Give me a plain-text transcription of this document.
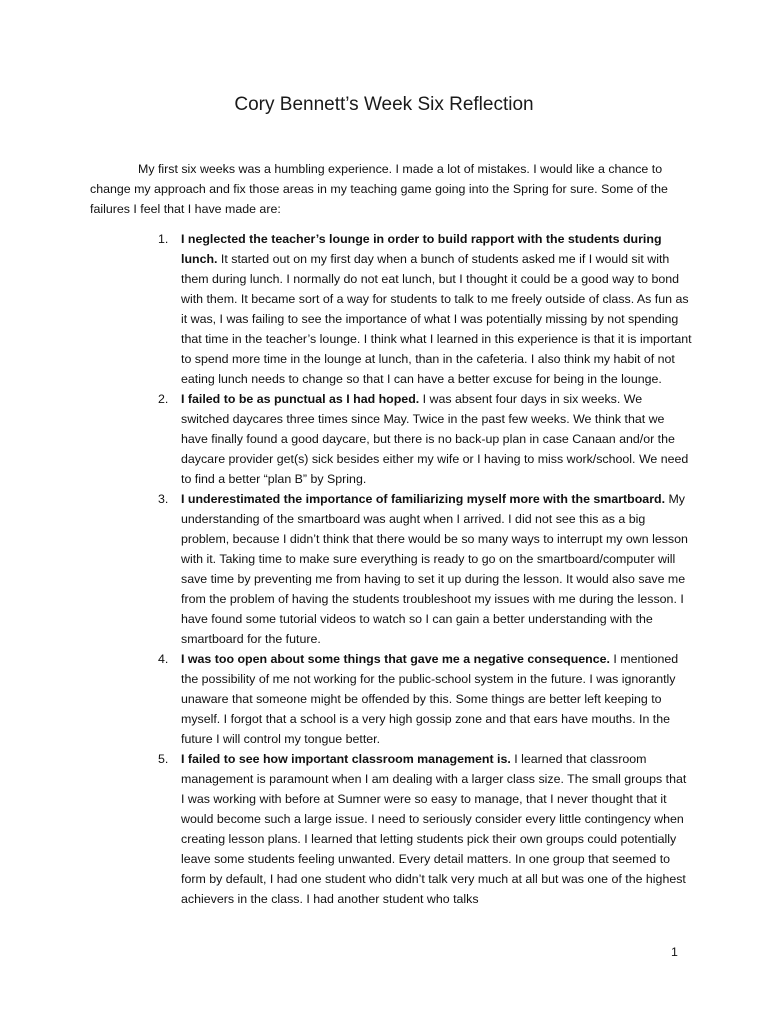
Cory Bennett’s Week Six Reflection

My first six weeks was a humbling experience. I made a lot of mistakes. I would like a chance to change my approach and fix those areas in my teaching game going into the Spring for sure. Some of the failures I feel that I have made are:

1.	I neglected the teacher’s lounge in order to build rapport with the students during lunch. It started out on my first day when a bunch of students asked me if I would sit with them during lunch. I normally do not eat lunch, but I thought it could be a good way to bond with them. It became sort of a way for students to talk to me freely outside of class. As fun as it was, I was failing to see the importance of what I was potentially missing by not spending that time in the teacher’s lounge. I think what I learned in this experience is that it is important to spend more time in the lounge at lunch, than in the cafeteria. I also think my habit of not eating lunch needs to change so that I can have a better excuse for being in the lounge.
2.	I failed to be as punctual as I had hoped. I was absent four days in six weeks. We switched daycares three times since May. Twice in the past few weeks. We think that we have finally found a good daycare, but there is no back-up plan in case Canaan and/or the daycare provider get(s) sick besides either my wife or I having to miss work/school. We need to find a better “plan B” by Spring.
3.	I underestimated the importance of familiarizing myself more with the smartboard. My understanding of the smartboard was aught when I arrived. I did not see this as a big problem, because I didn’t think that there would be so many ways to interrupt my own lesson with it. Taking time to make sure everything is ready to go on the smartboard/computer will save time by preventing me from having to set it up during the lesson. It would also save me from the problem of having the students troubleshoot my issues with me during the lesson. I have found some tutorial videos to watch so I can gain a better understanding with the smartboard for the future.
4.	I was too open about some things that gave me a negative consequence. I mentioned the possibility of me not working for the public-school system in the future. I was ignorantly unaware that someone might be offended by this. Some things are better left keeping to myself. I forgot that a school is a very high gossip zone and that ears have mouths. In the future I will control my tongue better.
5.	I failed to see how important classroom management is. I learned that classroom management is paramount when I am dealing with a larger class size. The small groups that I was working with before at Sumner were so easy to manage, that I never thought that it would become such a large issue. I need to seriously consider every little contingency when creating lesson plans. I learned that letting students pick their own groups could potentially leave some students feeling unwanted. Every detail matters. In one group that seemed to form by default, I had one student who didn’t talk very much at all but was one of the highest achievers in the class. I had another student who talks
1
